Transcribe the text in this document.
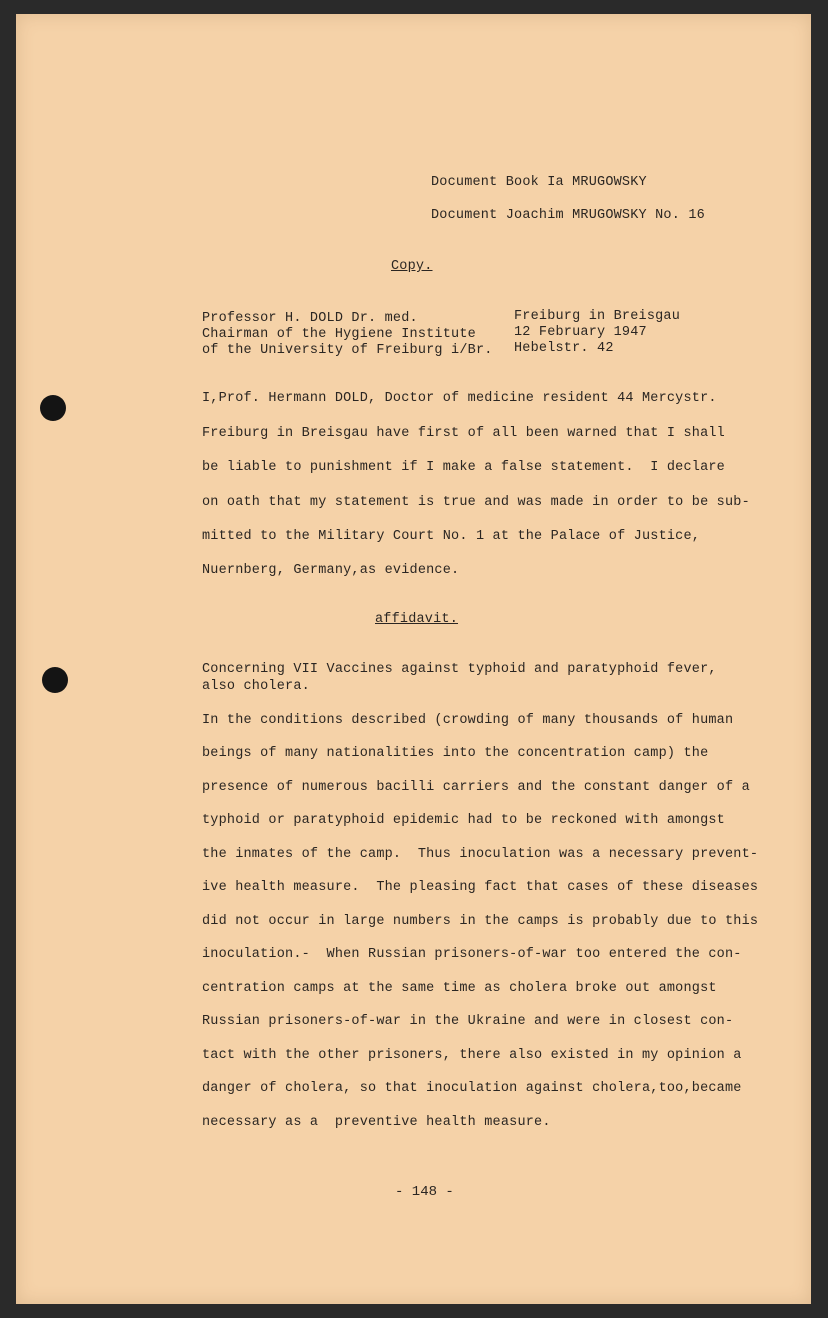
Document Book Ia MRUGOWSKY
Document Joachim MRUGOWSKY No. 16
Copy.
Professor H. DOLD Dr. med.
Chairman of the Hygiene Institute
of the University of Freiburg i/Br.
Freiburg in Breisgau
12 February 1947
Hebelstr. 42
I,Prof. Hermann DOLD, Doctor of medicine resident 44 Mercystr.
Freiburg in Breisgau have first of all been warned that I shall
be liable to punishment if I make a false statement.  I declare
on oath that my statement is true and was made in order to be sub-
mitted to the Military Court No. 1 at the Palace of Justice,
Nuernberg, Germany,as evidence.
affidavit.
Concerning VII Vaccines against typhoid and paratyphoid fever,
also cholera.
In the conditions described (crowding of many thousands of human
beings of many nationalities into the concentration camp) the
presence of numerous bacilli carriers and the constant danger of a
typhoid or paratyphoid epidemic had to be reckoned with amongst
the inmates of the camp.  Thus inoculation was a necessary prevent-
ive health measure.  The pleasing fact that cases of these diseases
did not occur in large numbers in the camps is probably due to this
inoculation.-  When Russian prisoners-of-war too entered the con-
centration camps at the same time as cholera broke out amongst
Russian prisoners-of-war in the Ukraine and were in closest con-
tact with the other prisoners, there also existed in my opinion a
danger of cholera, so that inoculation against cholera,too,became
necessary as a  preventive health measure.
- 148 -
